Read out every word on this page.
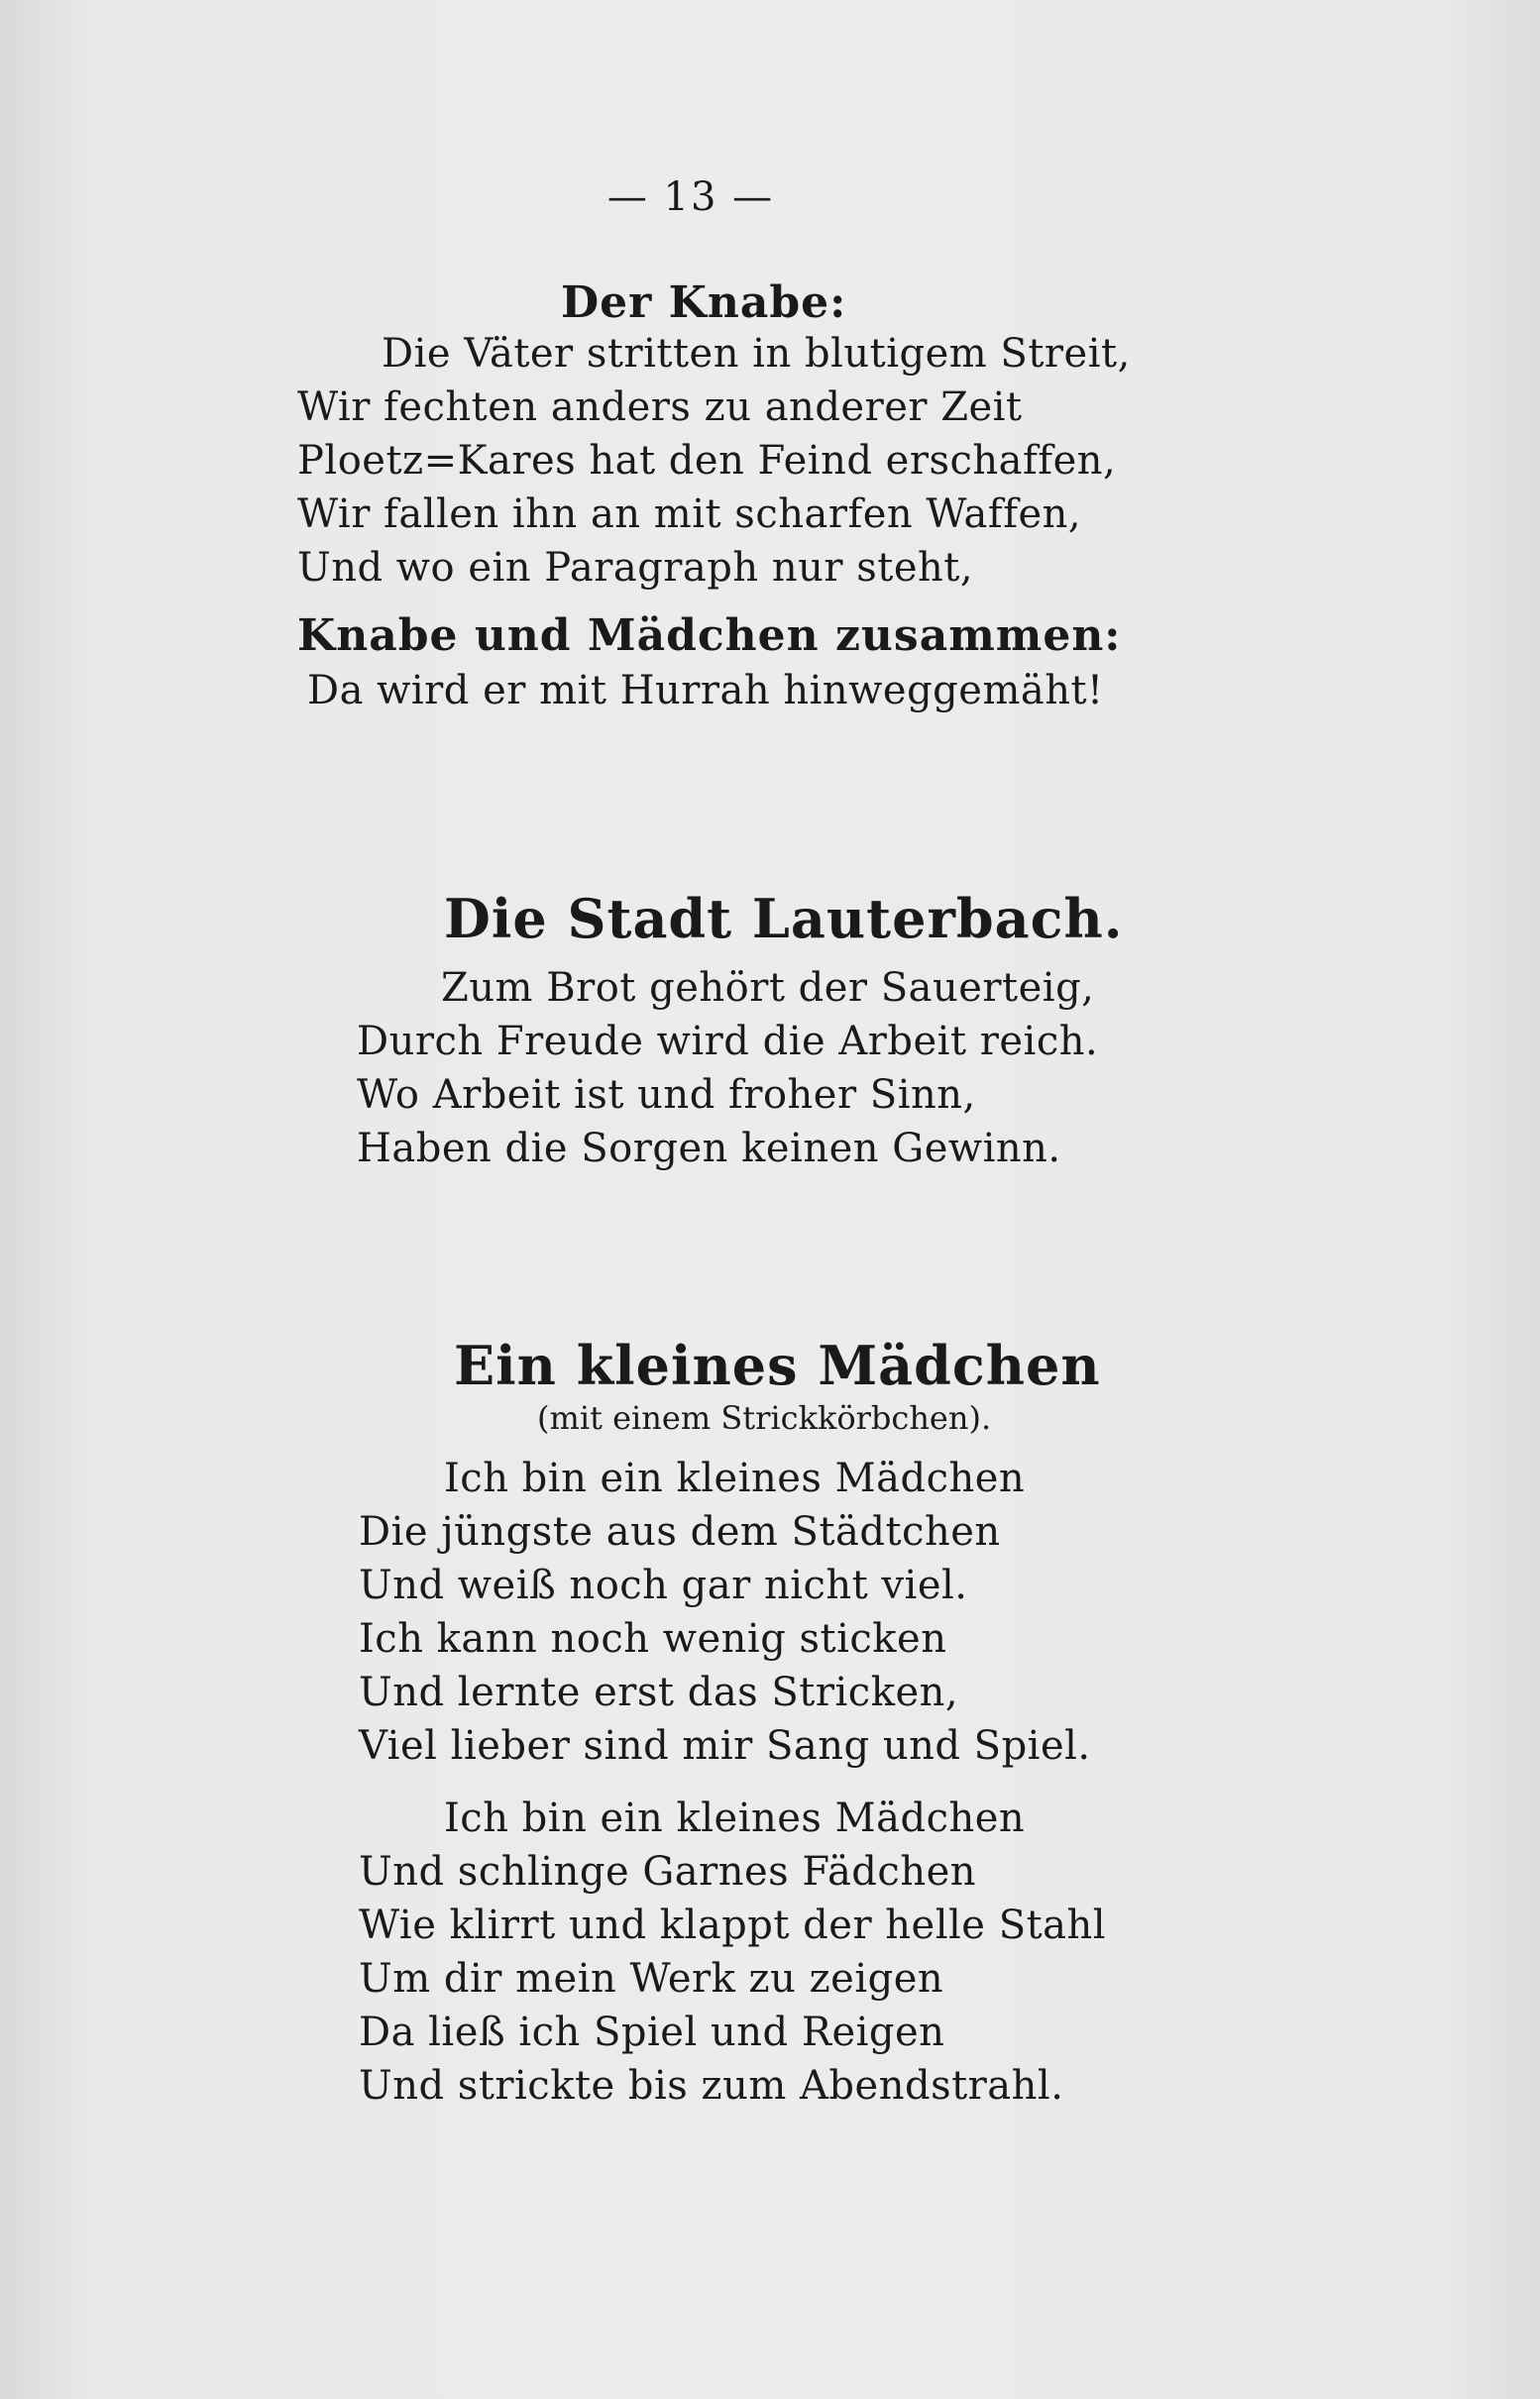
— 13 —
Der Knabe:
Die Väter stritten in blutigem Streit,
Wir fechten anders zu anderer Zeit
Ploetz=Kares hat den Feind erschaffen,
Wir fallen ihn an mit scharfen Waffen,
Und wo ein Paragraph nur steht,
Knabe und Mädchen zusammen:
Da wird er mit Hurrah hinweggemäht!
Die Stadt Lauterbach.
Zum Brot gehört der Sauerteig,
Durch Freude wird die Arbeit reich.
Wo Arbeit ist und froher Sinn,
Haben die Sorgen keinen Gewinn.
Ein kleines Mädchen
(mit einem Strickkörbchen).
Ich bin ein kleines Mädchen
Die jüngste aus dem Städtchen
Und weiß noch gar nicht viel.
Ich kann noch wenig sticken
Und lernte erst das Stricken,
Viel lieber sind mir Sang und Spiel.
Ich bin ein kleines Mädchen
Und schlinge Garnes Fädchen
Wie klirrt und klappt der helle Stahl
Um dir mein Werk zu zeigen
Da ließ ich Spiel und Reigen
Und strickte bis zum Abendstrahl.
